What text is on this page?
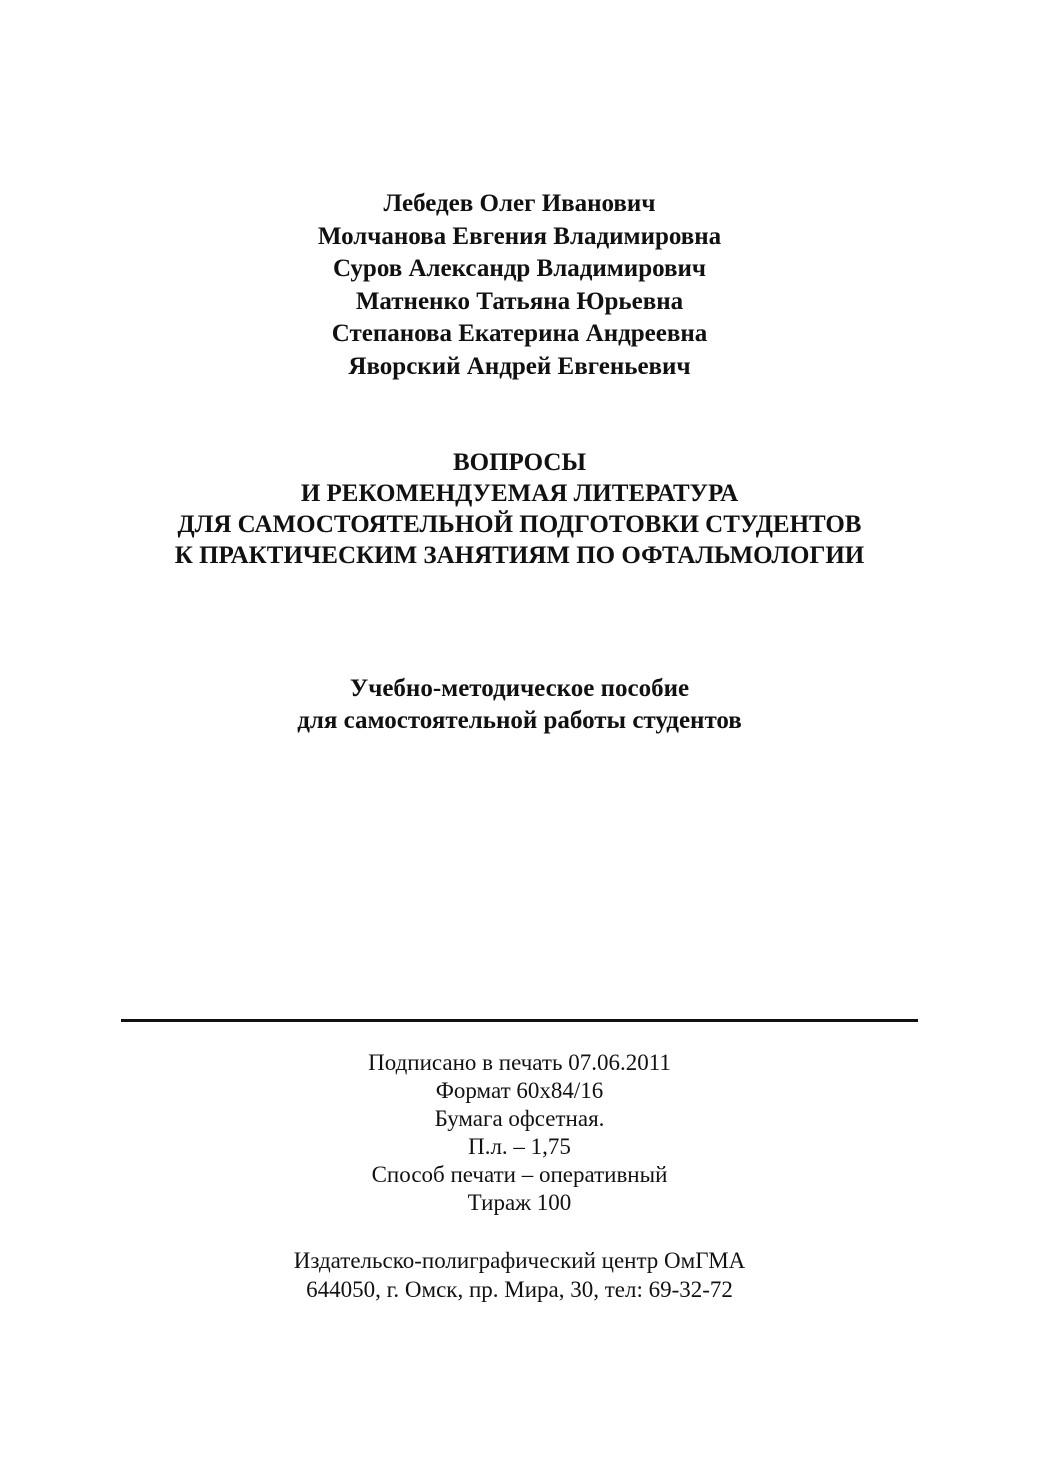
Лебедев Олег Иванович
Молчанова Евгения Владимировна
Суров Александр Владимирович
Матненко Татьяна Юрьевна
Степанова Екатерина Андреевна
Яворский Андрей Евгеньевич
ВОПРОСЫ
И РЕКОМЕНДУЕМАЯ ЛИТЕРАТУРА
ДЛЯ САМОСТОЯТЕЛЬНОЙ ПОДГОТОВКИ СТУДЕНТОВ
К ПРАКТИЧЕСКИМ ЗАНЯТИЯМ ПО ОФТАЛЬМОЛОГИИ
Учебно-методическое пособие
для самостоятельной работы студентов
Подписано в печать 07.06.2011
Формат 60x84/16
Бумага офсетная.
П.л. – 1,75
Способ печати – оперативный
Тираж 100
Издательско-полиграфический центр ОмГМА
644050, г. Омск, пр. Мира, 30, тел: 69-32-72
